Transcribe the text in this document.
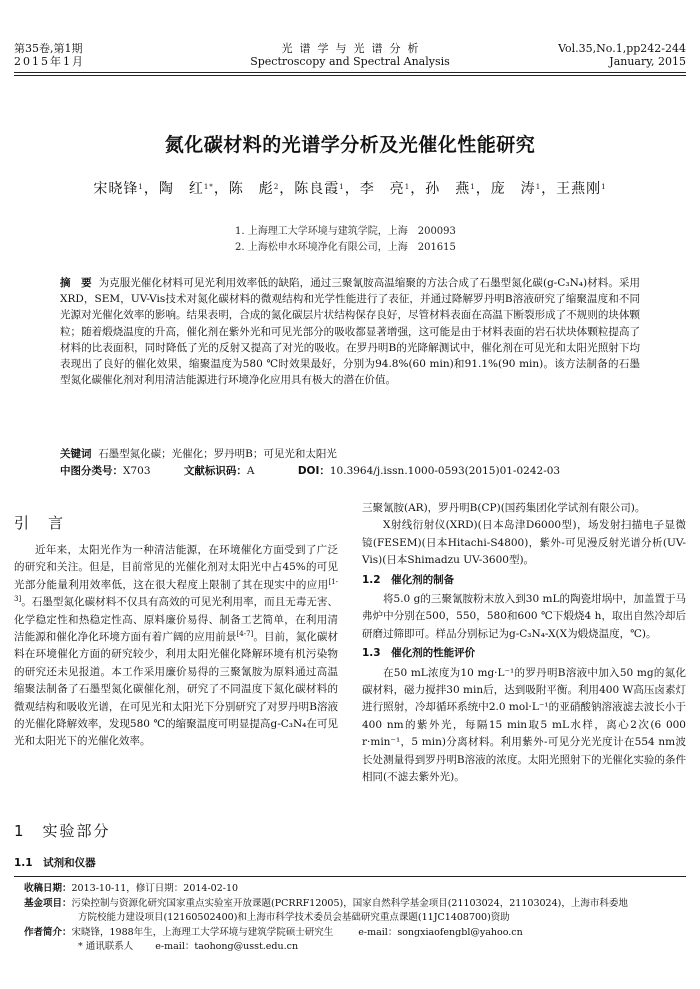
第35卷,第1期
2015年1月
光  谱  学  与  光  谱  分  析
Spectroscopy and Spectral Analysis
Vol.35,No.1,pp242-244
January, 2015
氮化碳材料的光谱学分析及光催化性能研究
宋晓锋$^1$，陶　红$^{1*}$，陈　彪$^2$，陈良霞$^1$，李　亮$^1$，孙　燕$^1$，庞　涛$^1$，王燕刚$^1$
1. 上海理工大学环境与建筑学院，上海　200093
2. 上海松申水环境净化有限公司，上海　201615
摘　要 为克服光催化材料可见光利用效率低的缺陷，通过三聚氰胺高温缩聚的方法合成了石墨型氮化碳(g-C₃N₄)材料。采用XRD，SEM，UV-Vis技术对氮化碳材料的微观结构和光学性能进行了表征，并通过降解罗丹明B溶液研究了缩聚温度和不同光源对光催化效率的影响。结果表明，合成的氮化碳层片状结构保存良好，尽管材料表面在高温下断裂形成了不规则的块体颗粒；随着煅烧温度的升高，催化剂在紫外光和可见光部分的吸收都显著增强，这可能是由于材料表面的岩石状块体颗粒提高了材料的比表面积，同时降低了光的反射又提高了对光的吸收。在罗丹明B的光降解测试中，催化剂在可见光和太阳光照射下均表现出了良好的催化效果，缩聚温度为580 ℃时效果最好，分别为94.8%(60 min)和91.1%(90 min)。该方法制备的石墨型氮化碳催化剂对利用清洁能源进行环境净化应用具有极大的潜在价值。
关键词 石墨型氮化碳；光催化；罗丹明B；可见光和太阳光
中图分类号：X703	文献标识码：A	DOI：10.3964/j.issn.1000-0593(2015)01-0242-03
引　言

近年来，太阳光作为一种清洁能源，在环境催化方面受到了广泛的研究和关注。但是，目前常见的光催化剂对太阳光中占45%的可见光部分能量利用效率低，这在很大程度上限制了其在现实中的应用[1-3]。石墨型氮化碳材料不仅具有高效的可见光利用率，而且无毒无害、化学稳定性和热稳定性高、原料廉价易得、制备工艺简单，在利用清洁能源和催化净化环境方面有着广阔的应用前景[4-7]。目前，氮化碳材料在环境催化方面的研究较少，利用太阳光催化降解环境有机污染物的研究还未见报道。本工作采用廉价易得的三聚氰胺为原料通过高温缩聚法制备了石墨型氮化碳催化剂，研究了不同温度下氮化碳材料的微观结构和吸收光谱，在可见光和太阳光下分别研究了对罗丹明B溶液的光催化降解效率，发现580 ℃的缩聚温度可明显提高g-C₃N₄在可见光和太阳光下的光催化效率。

1　实验部分
1.1　试剂和仪器
三聚氰胺(AR)，罗丹明B(CP)(国药集团化学试剂有限公司)。

X射线衍射仪(XRD)(日本岛津D6000型)，场发射扫描电子显微镜(FESEM)(日本Hitachi-S4800)，紫外-可见漫反射光谱分析(UV-Vis)(日本Shimadzu UV-3600型)。

1.2　催化剂的制备

将5.0 g的三聚氰胺粉末放入到30 mL的陶瓷坩埚中，加盖置于马弗炉中分别在500，550，580和600 ℃下煅烧4 h，取出自然冷却后研磨过筛即可。样品分别标记为g-C₃N₄-X(X为煅烧温度，℃)。

1.3　催化剂的性能评价

在50 mL浓度为10 mg·L⁻¹的罗丹明B溶液中加入50 mg的氮化碳材料，磁力搅拌30 min后，达到吸附平衡。利用400 W高压卤素灯进行照射，冷却循环系统中2.0 mol·L⁻¹的亚硝酸钠溶液滤去波长小于400 nm的紫外光，每隔15 min取5 mL水样，离心2次(6 000 r·min⁻¹，5 min)分离材料。利用紫外-可见分光光度计在554 nm波长处测量得到罗丹明B溶液的浓度。太阳光照射下的光催化实验的条件相同(不滤去紫外光)。

收稿日期：2013-10-11，修订日期：2014-02-10
基金项目：污染控制与资源化研究国家重点实验室开放课题(PCRRF12005)，国家自然科学基金项目(21103024，21103024)，上海市科委地
方院校能力建设项目(12160502400)和上海市科学技术委员会基础研究重点课题(11JC1408700)资助
作者简介：宋晓锋，1988年生，上海理工大学环境与建筑学院硕士研究生	e-mail：songxiaofengbl@yahoo.cn
* 通讯联系人 e-mail：taohong@usst.edu.cn
